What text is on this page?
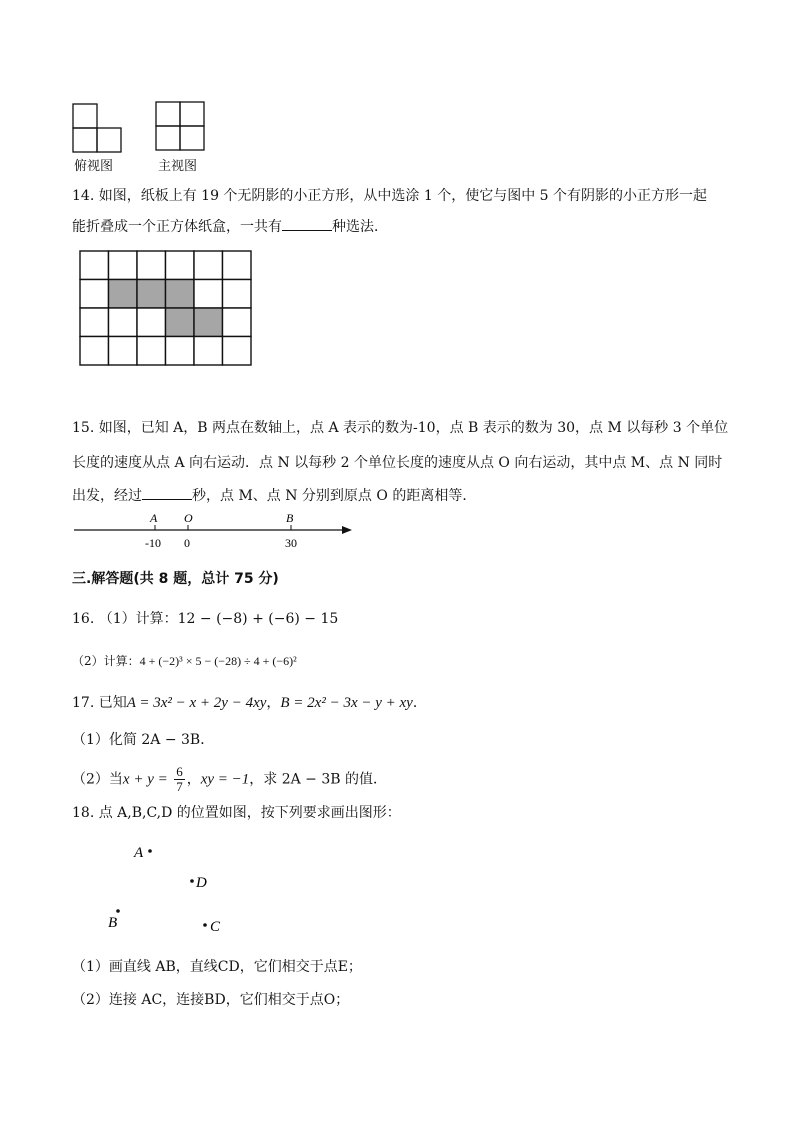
俯视图	主视图
14. 如图，纸板上有 19 个无阴影的小正方形，从中选涂 1 个，使它与图中 5 个有阴影的小正方形一起
能折叠成一个正方体纸盒，一共有	种选法．
15. 如图，已知 A，B 两点在数轴上，点 A 表示的数为-10，点 B 表示的数为 30，点 M 以每秒 3 个单位
长度的速度从点 A 向右运动．点 N 以每秒 2 个单位长度的速度从点 O 向右运动，其中点 M、点 N 同时
出发，经过	秒，点 M、点 N 分别到原点 O 的距离相等．
A O	B
-10 0	30
三.解答题(共 8 题，总计 75 分)
16. （1）计算：12 − (−8) + (−6) − 15
（2）计算：4 + (−2)³ × 5 − (−28) ÷ 4 + (−6)²
17. 已知A = 3x² − x + 2y − 4xy，B = 2x² − 3x − y + xy．
（1）化简 2A − 3B．
（2）当$x + y = \frac{6}{7}$ ，xy = −1，求 2A − 3B 的值．
18. 点 A,B,C,D 的位置如图，按下列要求画出图形：
A
D
B	C
（1）画直线 AB，直线CD，它们相交于点E；
（2）连接 AC，连接BD，它们相交于点O；
